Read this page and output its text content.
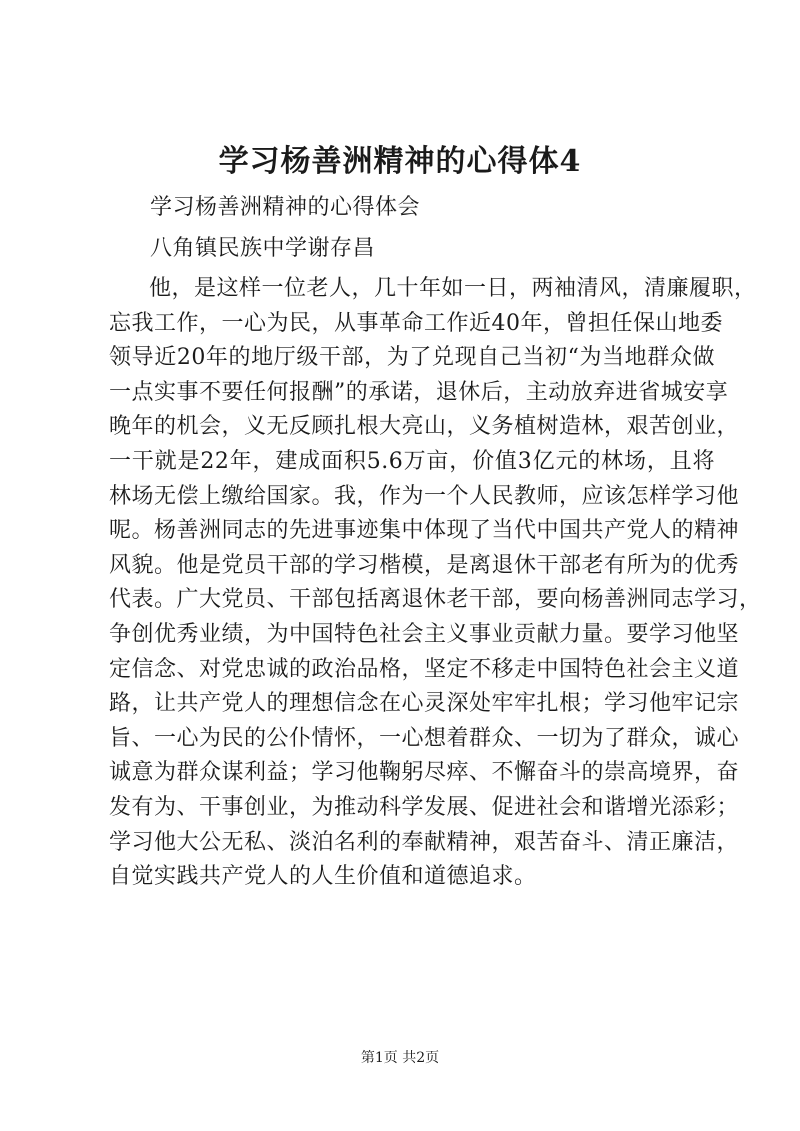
学习杨善洲精神的心得体4

学习杨善洲精神的心得体会

八角镇民族中学谢存昌

他，是这样一位老人，几十年如一日，两袖清风，清廉履职，
忘我工作，一心为民，从事革命工作近40年，曾担任保山地委
领导近20年的地厅级干部，为了兑现自己当初“为当地群众做
一点实事不要任何报酬”的承诺，退休后，主动放弃进省城安享
晚年的机会，义无反顾扎根大亮山，义务植树造林，艰苦创业，
一干就是22年，建成面积5.6万亩，价值3亿元的林场，且将
林场无偿上缴给国家。我，作为一个人民教师，应该怎样学习他
呢。杨善洲同志的先进事迹集中体现了当代中国共产党人的精神
风貌。他是党员干部的学习楷模，是离退休干部老有所为的优秀
代表。广大党员、干部包括离退休老干部，要向杨善洲同志学习，
争创优秀业绩，为中国特色社会主义事业贡献力量。要学习他坚
定信念、对党忠诚的政治品格，坚定不移走中国特色社会主义道
路，让共产党人的理想信念在心灵深处牢牢扎根；学习他牢记宗
旨、一心为民的公仆情怀，一心想着群众、一切为了群众，诚心
诚意为群众谋利益；学习他鞠躬尽瘁、不懈奋斗的崇高境界，奋
发有为、干事创业，为推动科学发展、促进社会和谐增光添彩；
学习他大公无私、淡泊名利的奉献精神，艰苦奋斗、清正廉洁，
自觉实践共产党人的人生价值和道德追求。
第1页 共2页
